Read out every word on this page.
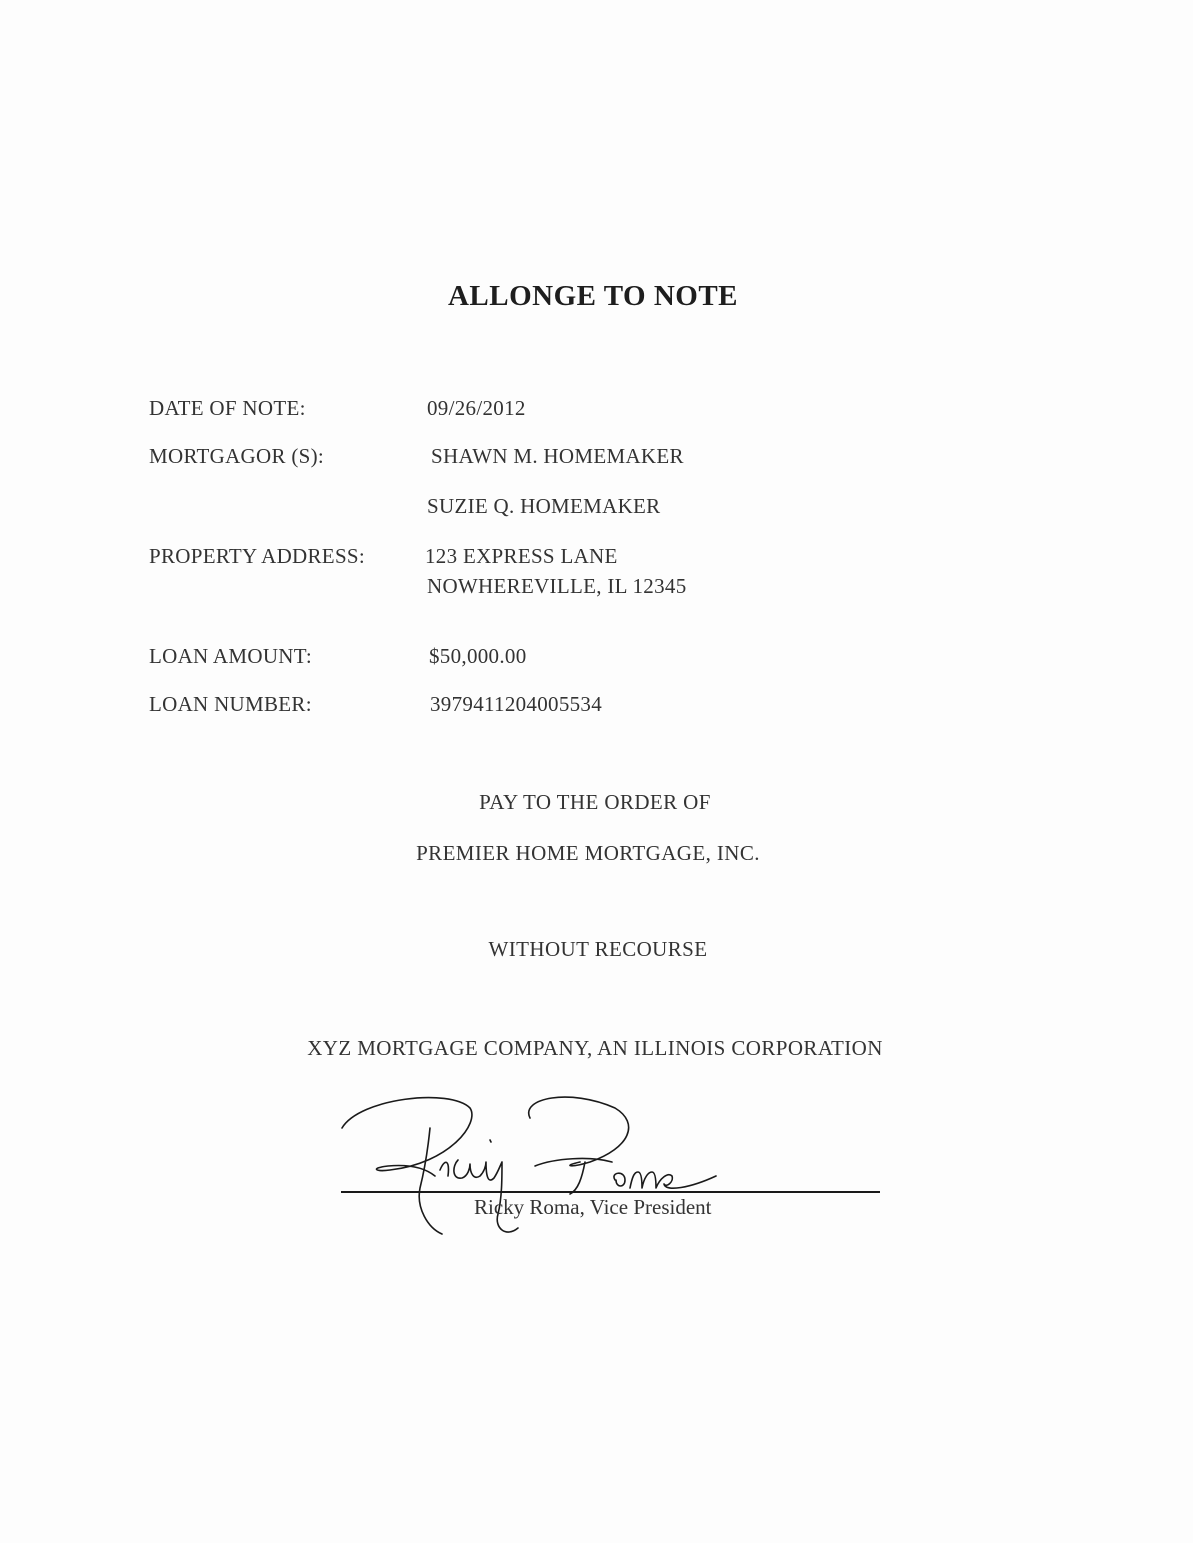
ALLONGE TO NOTE
DATE OF NOTE:	09/26/2012
MORTGAGOR (S):	SHAWN M. HOMEMAKER
SUZIE Q. HOMEMAKER
PROPERTY ADDRESS:	123 EXPRESS LANE
NOWHEREVILLE, IL 12345
LOAN AMOUNT:	$50,000.00
LOAN NUMBER:	3979411204005534
PAY TO THE ORDER OF
PREMIER HOME MORTGAGE, INC.
WITHOUT RECOURSE
XYZ MORTGAGE COMPANY, AN ILLINOIS CORPORATION
Ricky Roma, Vice President
